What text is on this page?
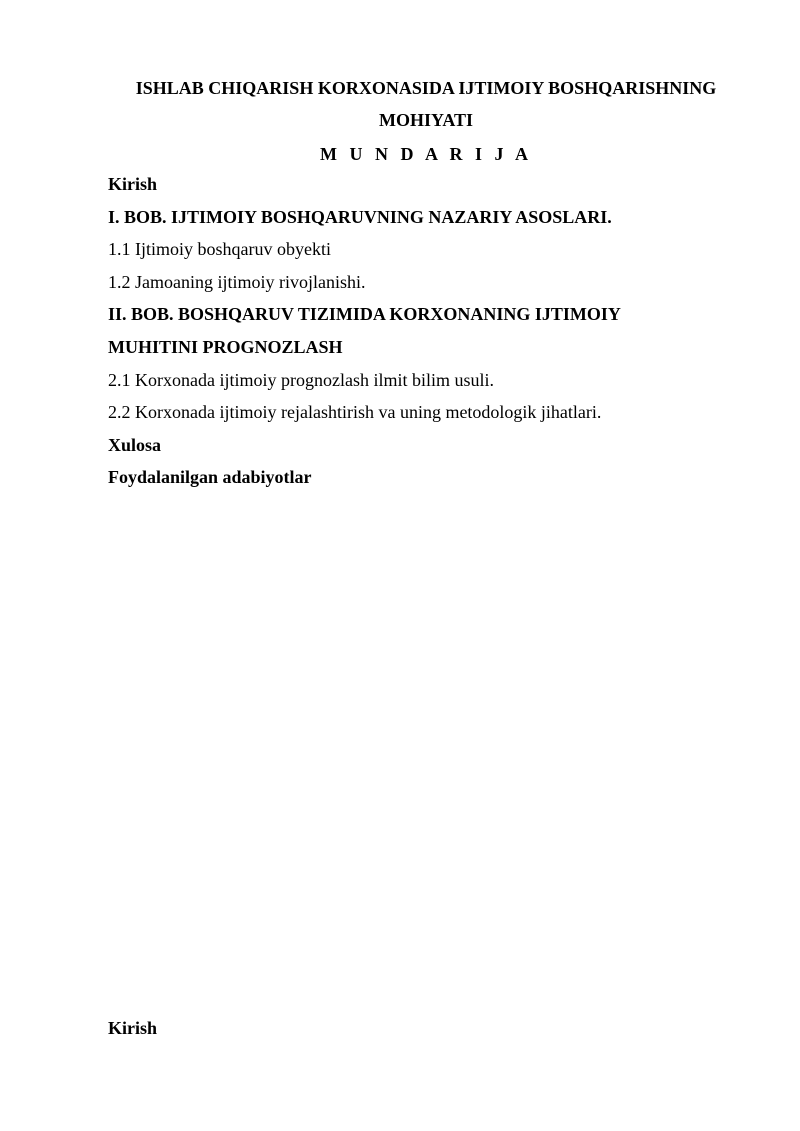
ISHLAB CHIQARISH KORXONASIDA IJTIMOIY BOSHQARISHNING
MOHIYATI
M U N D A R I J A
Kirish
I. BOB. IJTIMOIY BOSHQARUVNING NAZARIY ASOSLARI.
1.1 Ijtimoiy boshqaruv obyekti
1.2 Jamoaning ijtimoiy rivojlanishi.
II. BOB. BOSHQARUV TIZIMIDA KORXONANING IJTIMOIY
MUHITINI PROGNOZLASH
2.1 Korxonada ijtimoiy prognozlash ilmit bilim usuli.
2.2 Korxonada ijtimoiy rejalashtirish va uning metodologik jihatlari.
Xulosa
Foydalanilgan adabiyotlar
Kirish
